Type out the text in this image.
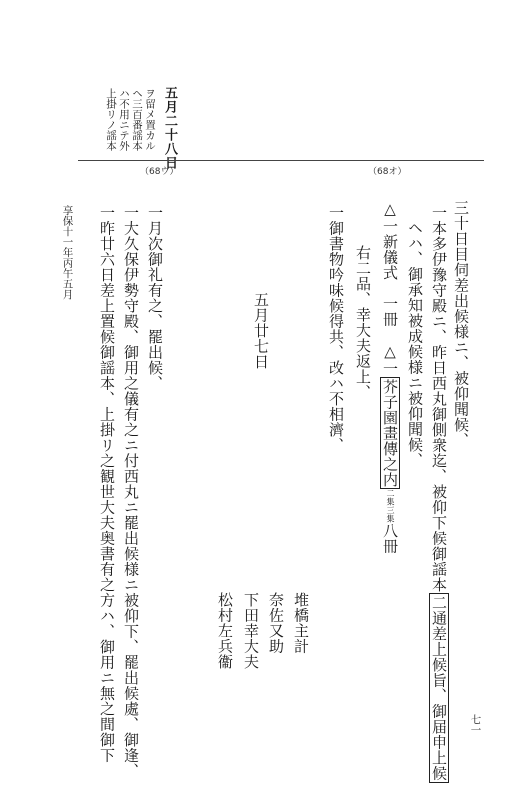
上掛リノ謡本 ハ不用ニテ外 ヘ三百番謡本 ヲ留メ置カル 五月二十八日
（68ウ）	（68オ）
三十日目伺差出候様ニ、被仰聞候、
一本多伊豫守殿ニ、昨日西丸御側衆迄、被仰下候御謡本二通差上候旨、御届申上候
ヘハ、御承知被成候様ニ被仰聞候、
△一新儀式　一冊　△一芥子園畫傳之内二集三集八冊
右二品、幸大夫返上、
一御書物吟味候得共、改ハ不相濟、
堆橋主計
奈佐又助
下田幸大夫
松村左兵衞
五月廿七日
一月次御礼有之、罷出候、
一大久保伊勢守殿、御用之儀有之ニ付西丸ニ罷出候様ニ被仰下、罷出候處、御逢、
一昨廿六日差上置候御謡本、上掛リ之観世大夫奥書有之方ハ、御用ニ無之間御下
享保十一年丙午五月
七一
